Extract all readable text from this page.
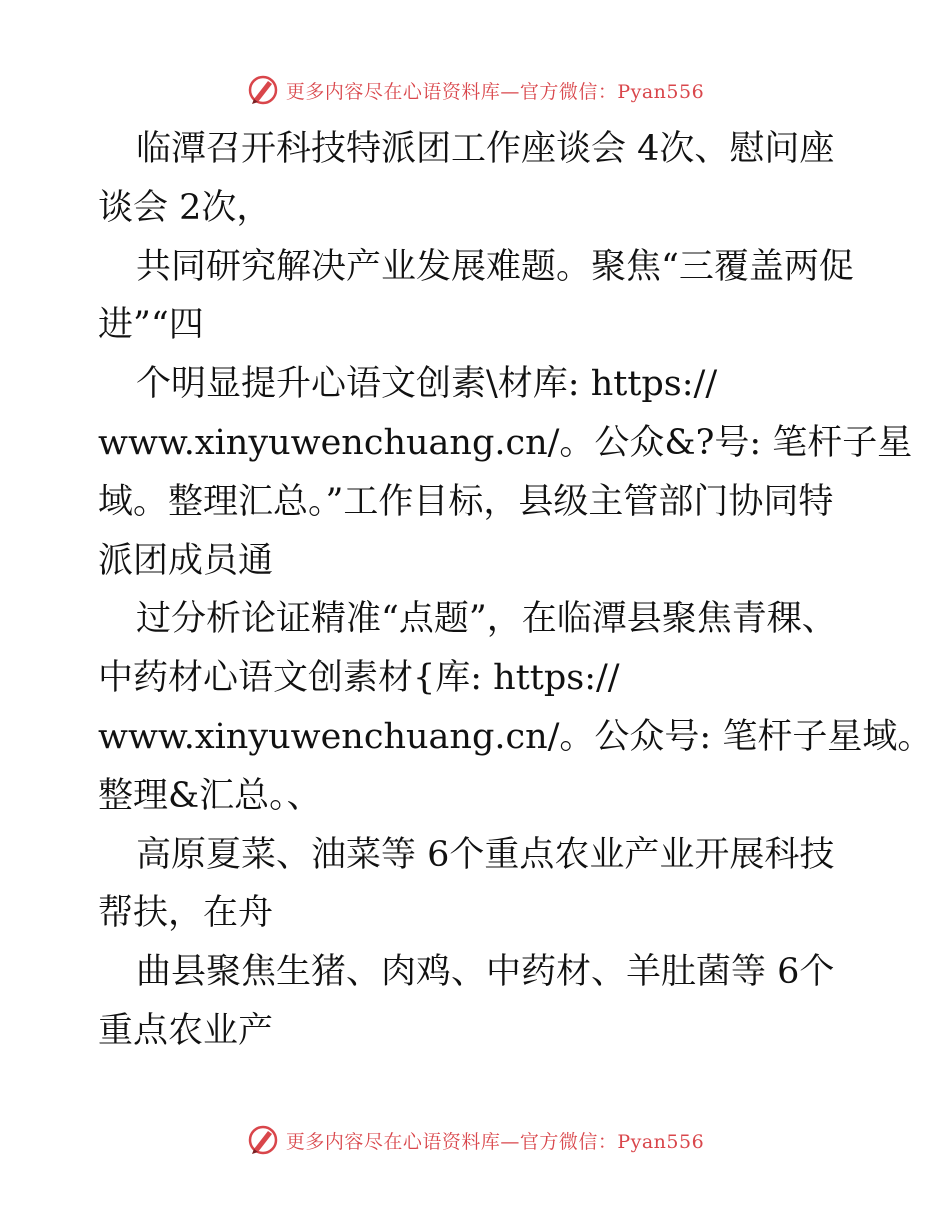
更多内容尽在心语资料库—官方微信：Pyan556
临潭召开科技特派团工作座谈会 4次、慰问座
谈会 2次，
共同研究解决产业发展难题。聚焦“三覆盖两促
进”“四
个明显提升心语文创素\材库: https://
www.xinyuwenchuang.cn/。公众&?号: 笔杆子星
域。整理汇总。”工作目标，县级主管部门协同特
派团成员通
过分析论证精准“点题”，在临潭县聚焦青稞、
中药材心语文创素材{库: https://
www.xinyuwenchuang.cn/。公众号: 笔杆子星域。
整理&汇总。、
高原夏菜、油菜等 6个重点农业产业开展科技
帮扶，在舟
曲县聚焦生猪、肉鸡、中药材、羊肚菌等 6个
重点农业产
更多内容尽在心语资料库—官方微信：Pyan556
